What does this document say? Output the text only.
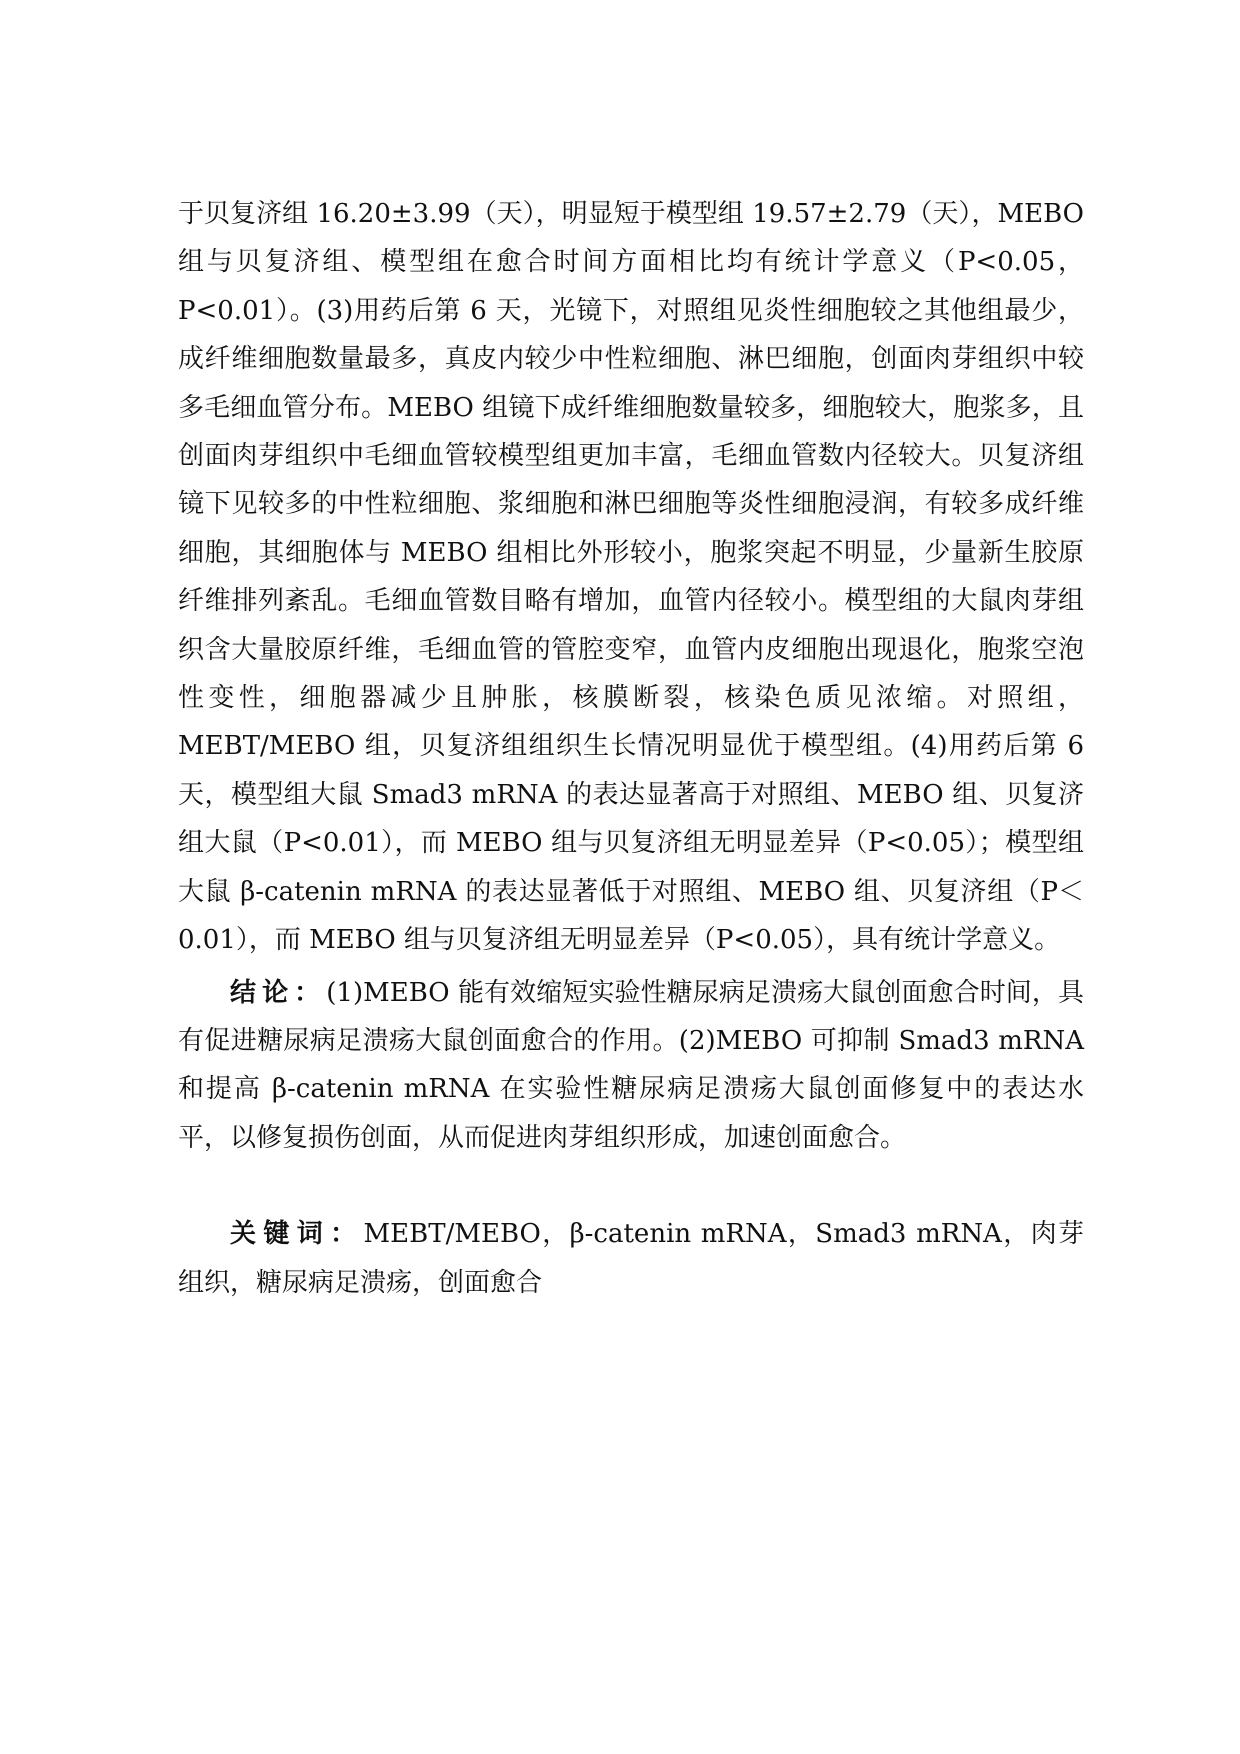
于贝复济组 16.20±3.99（天），明显短于模型组 19.57±2.79（天），MEBO 组与贝复济组、模型组在愈合时间方面相比均有统计学意义（P<0.05，P<0.01）。(3)用药后第 6 天，光镜下，对照组见炎性细胞较之其他组最少，成纤维细胞数量最多，真皮内较少中性粒细胞、淋巴细胞，创面肉芽组织中较多毛细血管分布。MEBO 组镜下成纤维细胞数量较多，细胞较大，胞浆多，且创面肉芽组织中毛细血管较模型组更加丰富，毛细血管数内径较大。贝复济组镜下见较多的中性粒细胞、浆细胞和淋巴细胞等炎性细胞浸润，有较多成纤维细胞，其细胞体与 MEBO 组相比外形较小，胞浆突起不明显，少量新生胶原纤维排列紊乱。毛细血管数目略有增加，血管内径较小。模型组的大鼠肉芽组织含大量胶原纤维，毛细血管的管腔变窄，血管内皮细胞出现退化，胞浆空泡性变性，细胞器减少且肿胀，核膜断裂，核染色质见浓缩。对照组，MEBT/MEBO 组，贝复济组组织生长情况明显优于模型组。(4)用药后第 6 天，模型组大鼠 Smad3 mRNA 的表达显著高于对照组、MEBO 组、贝复济组大鼠（P<0.01），而 MEBO 组与贝复济组无明显差异（P<0.05）；模型组大鼠 β-catenin mRNA 的表达显著低于对照组、MEBO 组、贝复济组（P＜0.01），而 MEBO 组与贝复济组无明显差异（P<0.05），具有统计学意义。

结论：(1)MEBO 能有效缩短实验性糖尿病足溃疡大鼠创面愈合时间，具有促进糖尿病足溃疡大鼠创面愈合的作用。(2)MEBO 可抑制 Smad3 mRNA 和提高 β-catenin mRNA 在实验性糖尿病足溃疡大鼠创面修复中的表达水平，以修复损伤创面，从而促进肉芽组织形成，加速创面愈合。

关键词：MEBT/MEBO，β-catenin mRNA，Smad3 mRNA，肉芽组织，糖尿病足溃疡，创面愈合
